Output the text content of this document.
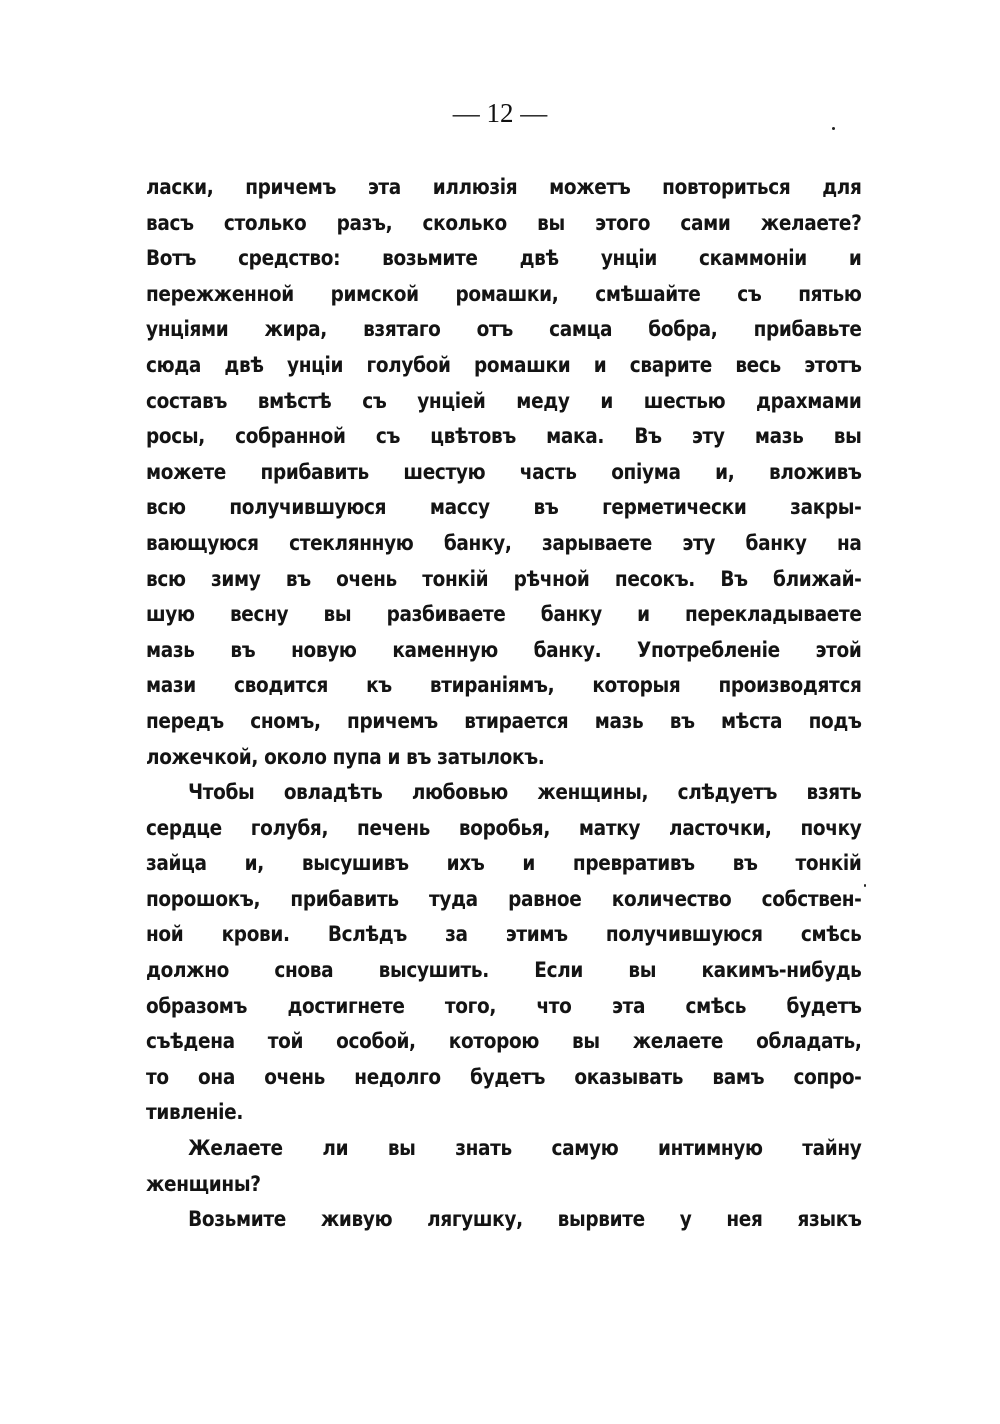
— 12 —
ласки, причемъ эта иллюзія можетъ повториться для
васъ столько разъ, сколько вы этого сами желаете?
Вотъ средство: возьмите двѣ унціи скаммоніи и
пережженной римской ромашки, смѣшайте съ пятью
унціями жира, взятаго отъ самца бобра, прибавьте
сюда двѣ унціи голубой ромашки и сварите весь этотъ
составъ вмѣстѣ съ унціей меду и шестью драхмами
росы, собранной съ цвѣтовъ мака. Въ эту мазь вы
можете прибавить шестую часть опіума и, вложивъ
всю получившуюся массу въ герметически закры-
вающуюся стеклянную банку, зарываете эту банку на
всю зиму въ очень тонкій рѣчной песокъ. Въ ближай-
шую весну вы разбиваете банку и перекладываете
мазь въ новую каменную банку. Употребленіе этой
мази сводится къ втираніямъ, которыя производятся
передъ сномъ, причемъ втирается мазь въ мѣста подъ
ложечкой, около пупа и въ затылокъ.
Чтобы овладѣть любовью женщины, слѣдуетъ взять
сердце голубя, печень воробья, матку ласточки, почку
зайца и, высушивъ ихъ и превративъ въ тонкій
порошокъ, прибавить туда равное количество собствен-
ной крови. Вслѣдъ за этимъ получившуюся смѣсь
должно снова высушить. Если вы какимъ-нибудь
образомъ достигнете того, что эта смѣсь будетъ
съѣдена той особой, которою вы желаете обладать,
то она очень недолго будетъ оказывать вамъ сопро-
тивленіе.
Желаете ли вы знать самую интимную тайну
женщины?
Возьмите живую лягушку, вырвите у нея языкъ
